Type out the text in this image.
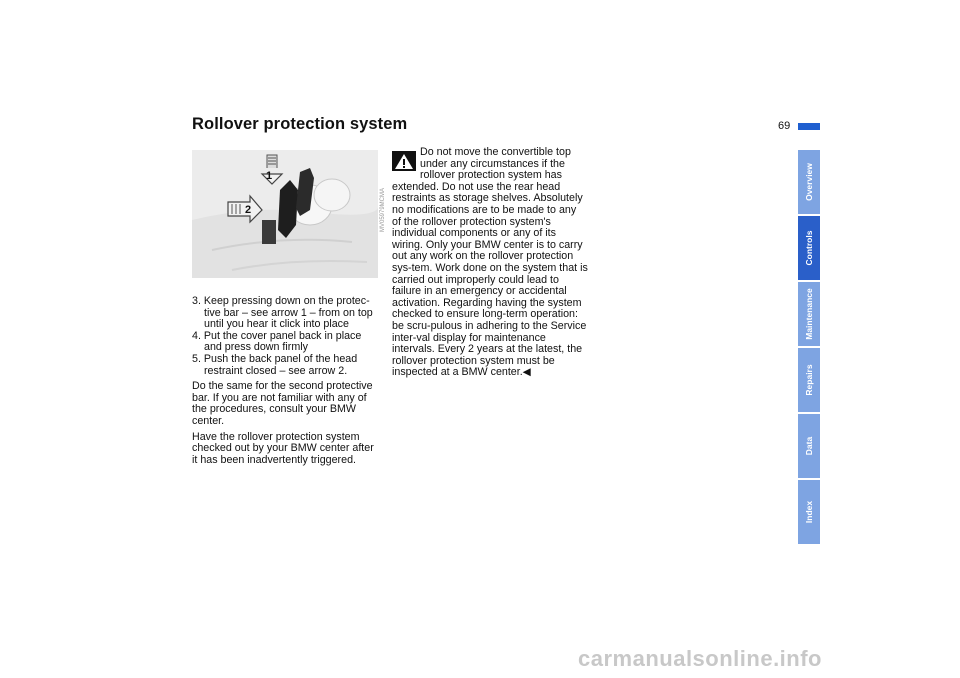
Rollover protection system	69
1
2	MV05979MCMA

3. Keep pressing down on the protec-tive bar – see arrow 1 – from on top until you hear it click into place

4. Put the cover panel back in place and press down firmly

5. Push the back panel of the head restraint closed – see arrow 2.

Do the same for the second protective bar. If you are not familiar with any of the procedures, consult your BMW center.

Have the rollover protection system checked out by your BMW center after it has been inadvertently triggered.

Do not move the convertible top

under any circumstances if the

rollover protection system has extended. Do not use the rear head restraints as storage shelves. Absolutely no modifications are to be made to any of the rollover protection system's individual components or any of its wiring. Only your BMW center is to carry out any work on the rollover protection sys-tem. Work done on the system that is carried out improperly could lead to failure in an emergency or accidental activation. Regarding having the system checked to ensure long-term operation: be scru-pulous in adhering to the Service inter-val display for maintenance intervals. Every 2 years at the latest, the rollover protection system must be inspected at a BMW center.◀

Overview
Controls
Maintenance
Repairs
Data
Index
carmanualsonline.info
